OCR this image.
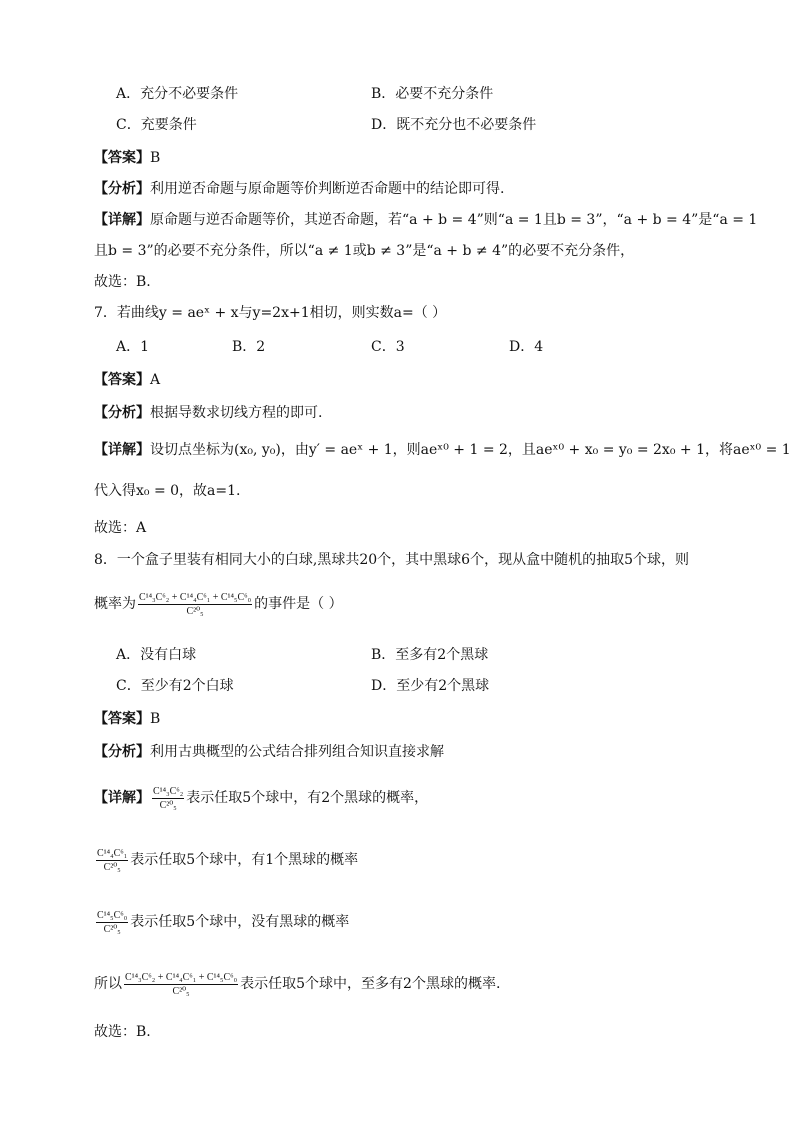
A．充分不必要条件	B．必要不充分条件
C．充要条件	D．既不充分也不必要条件
【答案】B
【分析】利用逆否命题与原命题等价判断逆否命题中的结论即可得.
【详解】原命题与逆否命题等价，其逆否命题，若“a + b = 4”则“a = 1且b = 3”，“a + b = 4”是“a = 1
且b = 3”的必要不充分条件，所以“a ≠ 1或b ≠ 3”是“a + b ≠ 4”的必要不充分条件，
故选：B.
7．若曲线y = aeˣ + x与y=2x+1相切，则实数a=（ ）
A．1	B．2	C．3	D．4
【答案】A
【分析】根据导数求切线方程的即可.
【详解】设切点坐标为(x₀, y₀)，由y′ = aeˣ + 1，则aeˣ⁰ + 1 = 2，且aeˣ⁰ + x₀ = y₀ = 2x₀ + 1，将aeˣ⁰ = 1
代入得x₀ = 0，故a=1.
故选：A
8．一个盒子里装有相同大小的白球,黑球共20个，其中黑球6个，现从盒中随机的抽取5个球，则
概率为 $\frac{\text{C¹⁴₃C⁶₂ + C¹⁴₄C⁶₁ + C¹⁴₅C⁶₀}}{\text{C²⁰₅}}$ 的事件是（ ）
A．没有白球	B．至多有2个黑球
C．至少有2个白球	D．至少有2个黑球
【答案】B
【分析】利用古典概型的公式结合排列组合知识直接求解
【详解】 $\frac{\text{C¹⁴₃C⁶₂}}{\text{C²⁰₅}}$ 表示任取5个球中，有2个黑球的概率，
$\frac{\text{C¹⁴₄C⁶₁}}{\text{C²⁰₅}}$ 表示任取5个球中，有1个黑球的概率
$\frac{\text{C¹⁴₅C⁶₀}}{\text{C²⁰₅}}$ 表示任取5个球中，没有黑球的概率
所以 $\frac{\text{C¹⁴₃C⁶₂ + C¹⁴₄C⁶₁ + C¹⁴₅C⁶₀}}{\text{C²⁰₅}}$ 表示任取5个球中，至多有2个黑球的概率.
故选：B.
